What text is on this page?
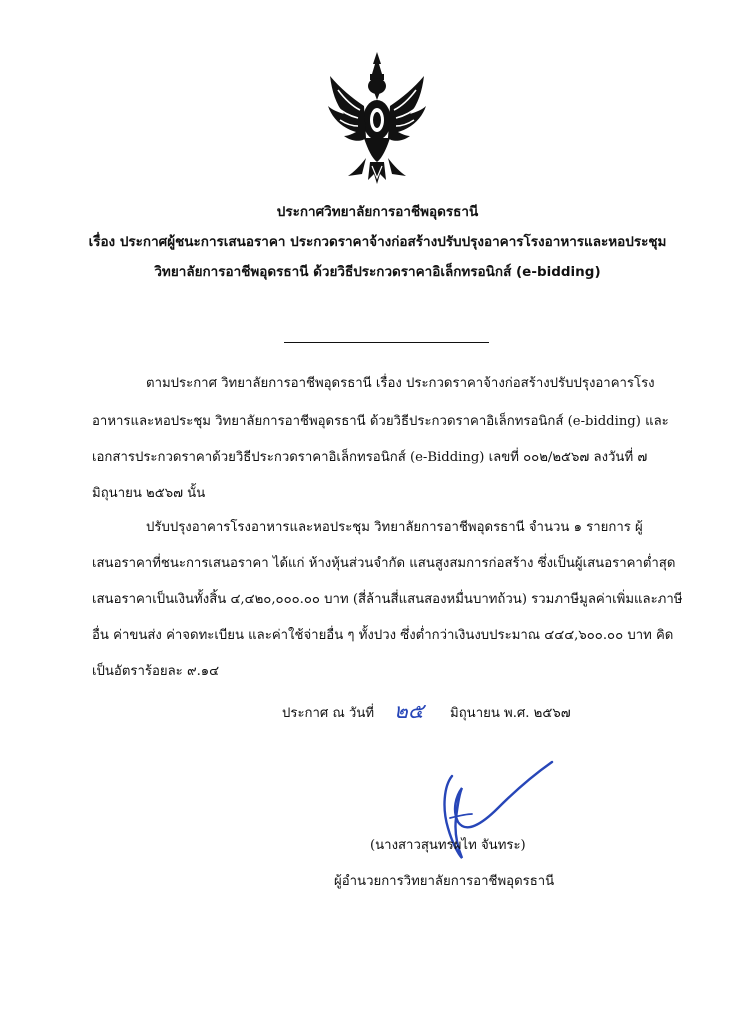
ประกาศวิทยาลัยการอาชีพอุดรธานี
เรื่อง ประกาศผู้ชนะการเสนอราคา ประกวดราคาจ้างก่อสร้างปรับปรุงอาคารโรงอาหารและหอประชุม
วิทยาลัยการอาชีพอุดรธานี ด้วยวิธีประกวดราคาอิเล็กทรอนิกส์ (e-bidding)
ตามประกาศ วิทยาลัยการอาชีพอุดรธานี เรื่อง ประกวดราคาจ้างก่อสร้างปรับปรุงอาคารโรง
อาหารและหอประชุม วิทยาลัยการอาชีพอุดรธานี ด้วยวิธีประกวดราคาอิเล็กทรอนิกส์ (e-bidding) และ
เอกสารประกวดราคาด้วยวิธีประกวดราคาอิเล็กทรอนิกส์ (e-Bidding) เลขที่ ๐๐๒/๒๕๖๗ ลงวันที่ ๗
มิถุนายน ๒๕๖๗ นั้น
ปรับปรุงอาคารโรงอาหารและหอประชุม วิทยาลัยการอาชีพอุดรธานี จำนวน ๑ รายการ ผู้
เสนอราคาที่ชนะการเสนอราคา ได้แก่ ห้างหุ้นส่วนจำกัด แสนสูงสมการก่อสร้าง ซึ่งเป็นผู้เสนอราคาต่ำสุด
เสนอราคาเป็นเงินทั้งสิ้น ๔,๔๒๐,๐๐๐.๐๐ บาท (สี่ล้านสี่แสนสองหมื่นบาทถ้วน) รวมภาษีมูลค่าเพิ่มและภาษี
อื่น ค่าขนส่ง ค่าจดทะเบียน และค่าใช้จ่ายอื่น ๆ ทั้งปวง ซึ่งต่ำกว่าเงินงบประมาณ ๔๔๔,๖๐๐.๐๐ บาท คิด
เป็นอัตราร้อยละ ๙.๑๔
ประกาศ ณ วันที่ ๒๕ มิถุนายน พ.ศ. ๒๕๖๗
(นางสาวสุนทรผไท จันทระ)
ผู้อำนวยการวิทยาลัยการอาชีพอุดรธานี
